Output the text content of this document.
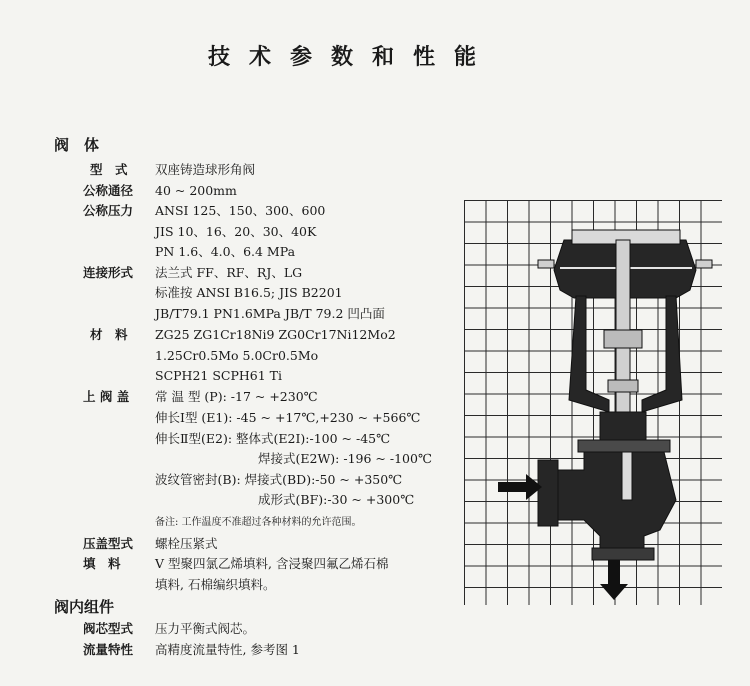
技术参数和性能
阀　体
型　式 双座铸造球形角阀
公称通径 40 ~ 200mm
公称压力 ANSI 125、150、300、600
JIS 10、16、20、30、40K
PN 1.6、4.0、6.4 MPa
连接形式 法兰式 FF、RF、RJ、LG
标准按 ANSI B16.5; JIS B2201
JB/T79.1 PN1.6MPa JB/T 79.2 凹凸面
材　料 ZG25 ZG1Cr18Ni9 ZG0Cr17Ni12Mo2
1.25Cr0.5Mo 5.0Cr0.5Mo
SCPH21 SCPH61 Ti
上 阀 盖 常 温 型 (P): -17 ~ +230℃
伸长Ⅰ型 (E1): -45 ~ +17℃,+230 ~ +566℃
伸长Ⅱ型(E2): 整体式(E2I):-100 ~ -45℃
焊接式(E2W): -196 ~ -100℃
波纹管密封(B): 焊接式(BD):-50 ~ +350℃
成形式(BF):-30 ~ +300℃
备注: 工作温度不准超过各种材料的允许范围。
压盖型式 螺栓压紧式
填　料	V 型聚四氯乙烯填料, 含浸聚四氟乙烯石棉
填料, 石棉编织填料。
阀内组件
阀芯型式 压力平衡式阀芯。
流量特性 高精度流量特性, 参考图 1
